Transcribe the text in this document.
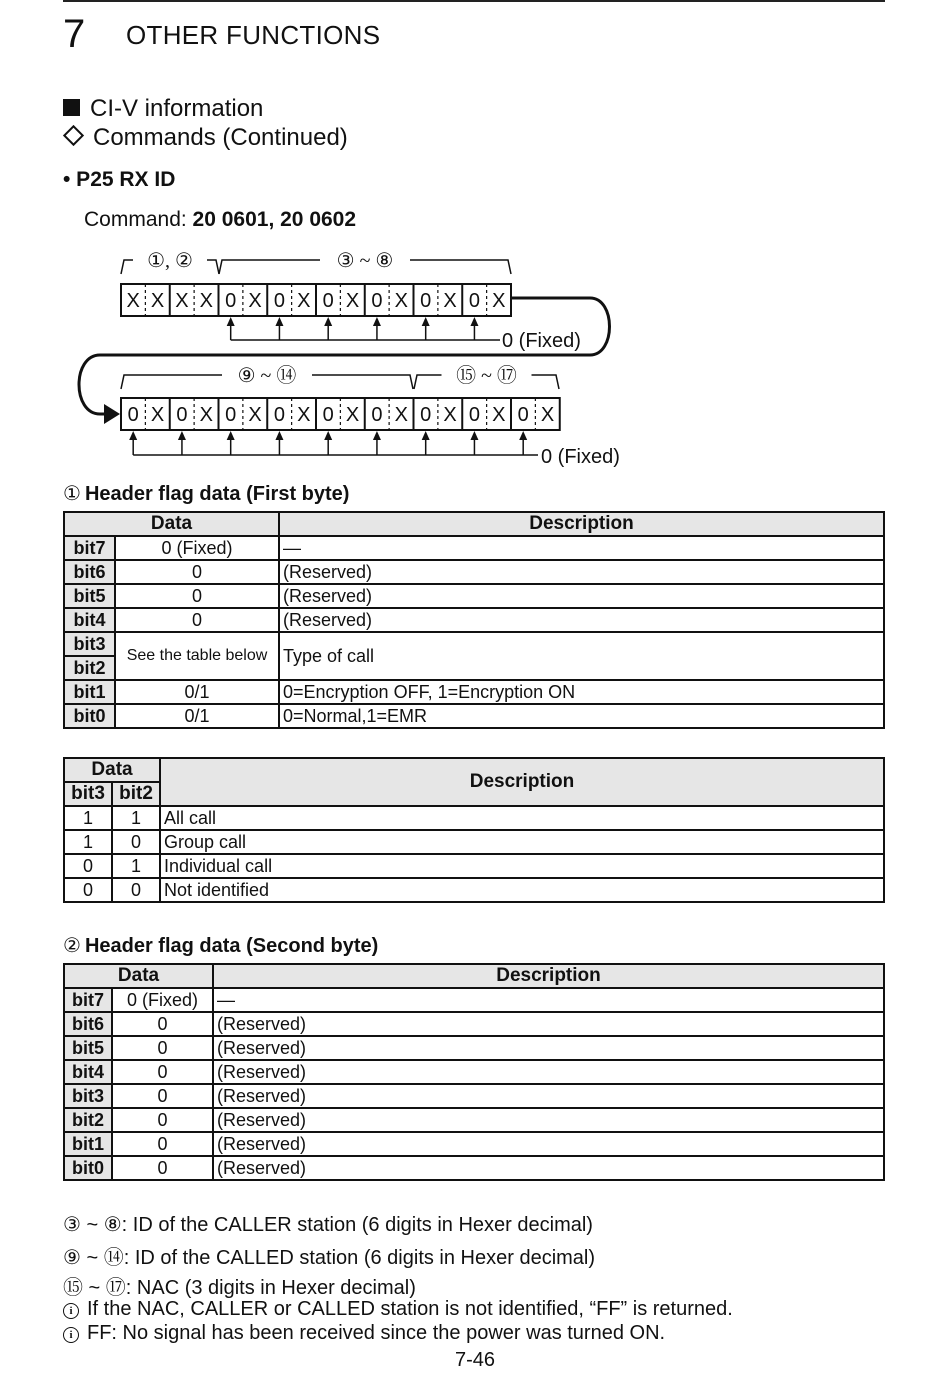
7 OTHER FUNCTIONS
CI-V information
Commands (Continued)
• P25 RX ID
Command: 20 0601, 20 0602
X X X X 0 X 0 X 0 X 0 X 0 X 0 X
0 X 0 X 0 X 0 X 0 X 0 X 0 X 0 X 0 X
①, ②	③ ~ ⑧
⑨ ~ ⑭	⑮ ~ ⑰
0 (Fixed)
0 (Fixed)
① Header flag data (First byte)
Data		Description
bit7	0 (Fixed)	—
bit6	0	(Reserved)
bit5	0	(Reserved)
bit4	0	(Reserved)
bit3	See the table below	Type of call
bit2		
bit1	0/1	0=Encryption OFF, 1=Encryption ON
bit0	0/1	0=Normal,1=EMR
Data		Description
bit3	bit2	
1	1	All call
1	0	Group call
0	1	Individual call
0	0	Not identified
② Header flag data (Second byte)
Data		Description
bit7	0 (Fixed)	—
bit6	0	(Reserved)
bit5	0	(Reserved)
bit4	0	(Reserved)
bit3	0	(Reserved)
bit2	0	(Reserved)
bit1	0	(Reserved)
bit0	0	(Reserved)
③ ~ ⑧: ID of the CALLER station (6 digits in Hexer decimal)
⑨ ~ ⑭: ID of the CALLED station (6 digits in Hexer decimal)
⑮ ~ ⑰: NAC (3 digits in Hexer decimal)
i If the NAC, CALLER or CALLED station is not identified, “FF” is returned.
i FF: No signal has been received since the power was turned ON.
7-46
